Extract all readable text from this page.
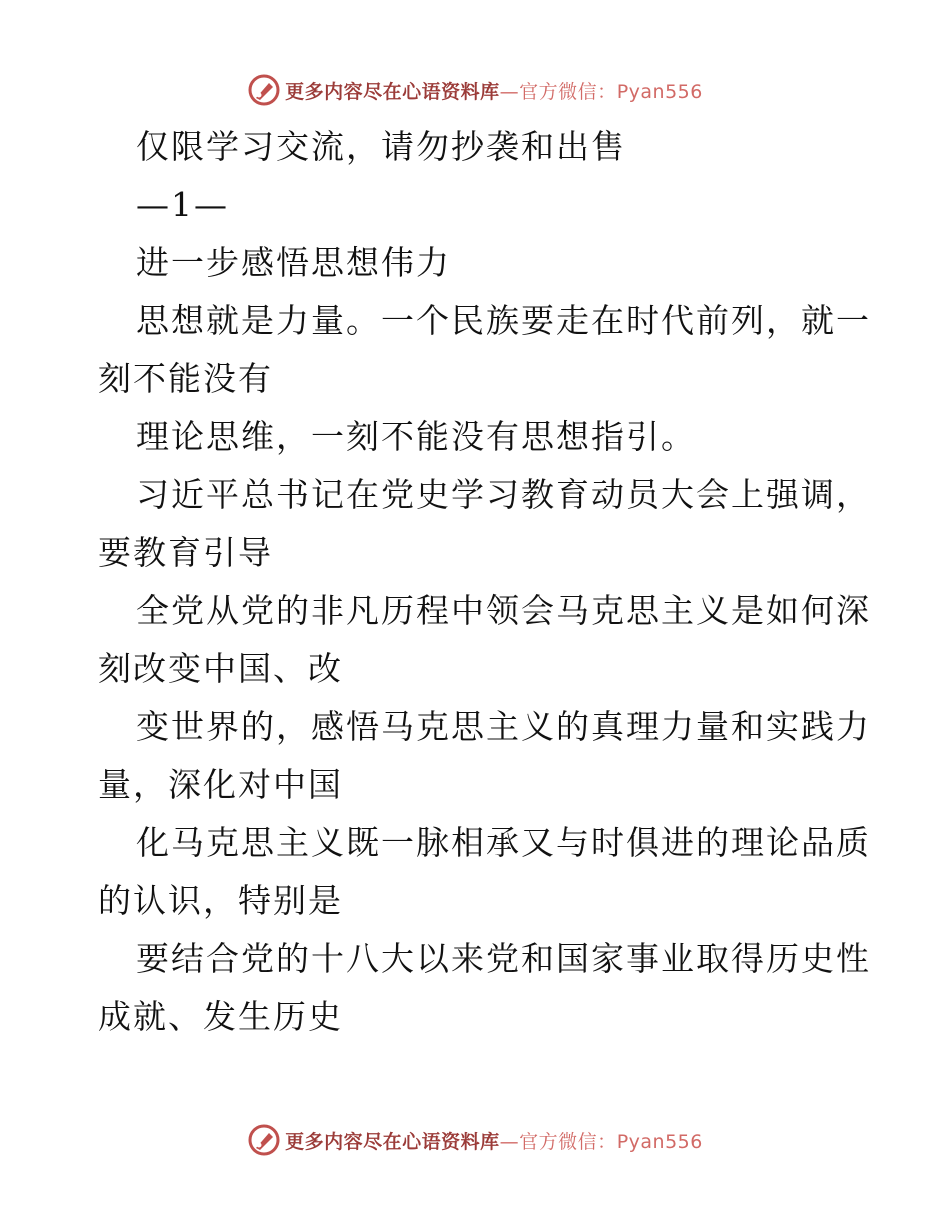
更多内容尽在心语资料库—官方微信：Pyan556

仅限学习交流，请勿抄袭和出售

—1—

进一步感悟思想伟力

思想就是力量。一个民族要走在时代前列，就一

刻不能没有

理论思维，一刻不能没有思想指引。

习近平总书记在党史学习教育动员大会上强调，

要教育引导

全党从党的非凡历程中领会马克思主义是如何深

刻改变中国、改

变世界的，感悟马克思主义的真理力量和实践力

量，深化对中国

化马克思主义既一脉相承又与时俱进的理论品质

的认识，特别是

要结合党的十八大以来党和国家事业取得历史性

成就、发生历史

更多内容尽在心语资料库—官方微信：Pyan556
